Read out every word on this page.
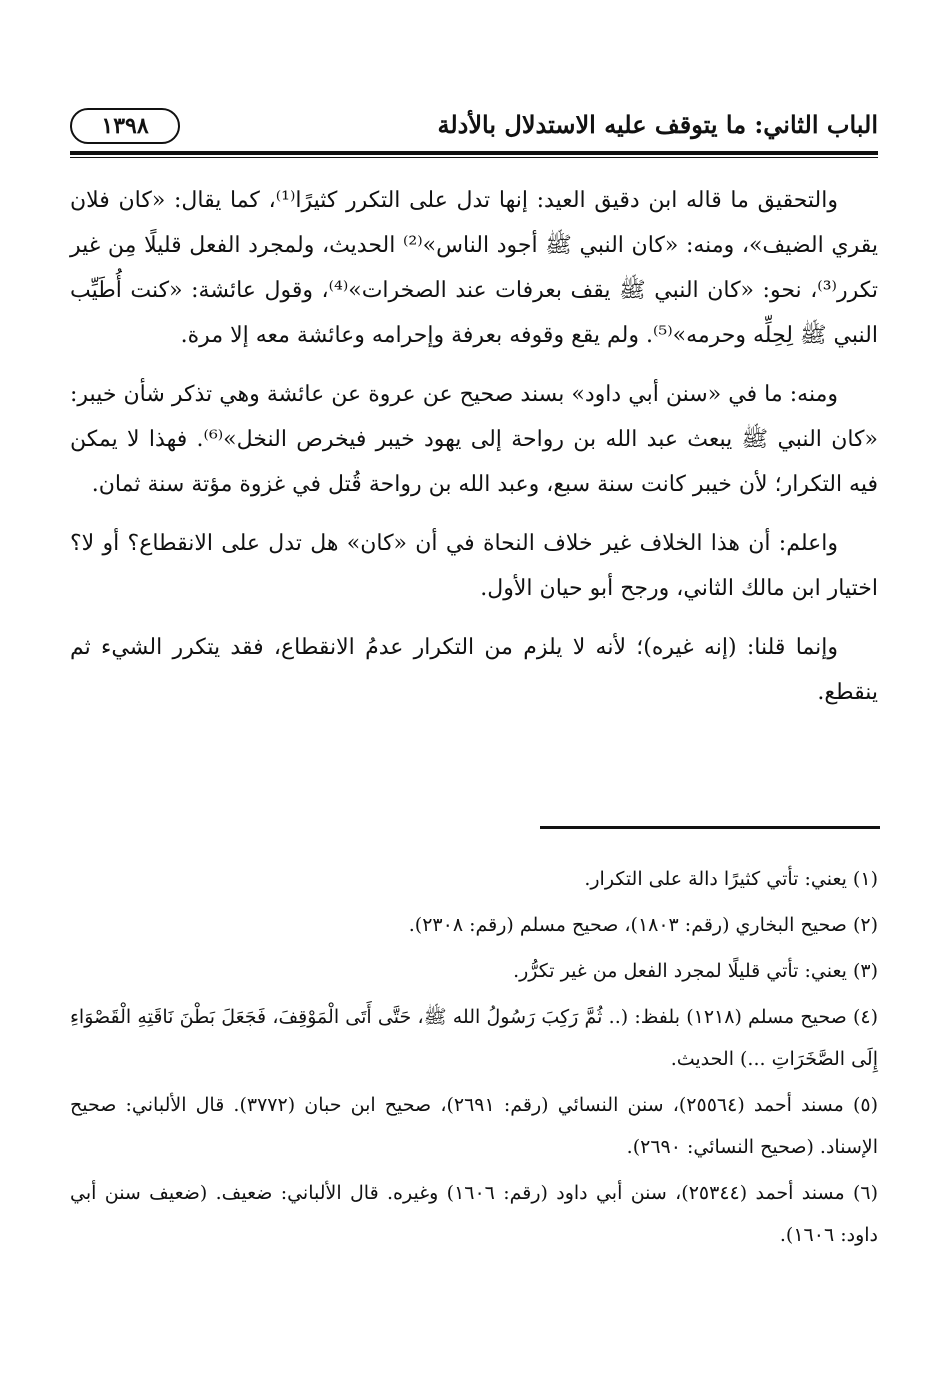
الباب الثاني: ما يتوقف عليه الاستدلال بالأدلة
١٣٩٨

والتحقيق ما قاله ابن دقيق العيد: إنها تدل على التكرر كثيرًا⁽¹⁾، كما يقال: «كان فلان يقري الضيف»، ومنه: «كان النبي ﷺ أجود الناس»⁽²⁾ الحديث، ولمجرد الفعل قليلًا مِن غير تكرر⁽³⁾، نحو: «كان النبي ﷺ يقف بعرفات عند الصخرات»⁽⁴⁾، وقول عائشة: «كنت أُطَيِّب النبي ﷺ لِحِلِّه وحرمه»⁽⁵⁾. ولم يقع وقوفه بعرفة وإحرامه وعائشة معه إلا مرة.

ومنه: ما في «سنن أبي داود» بسند صحيح عن عروة عن عائشة وهي تذكر شأن خيبر: «كان النبي ﷺ يبعث عبد الله بن رواحة إلى يهود خيبر فيخرص النخل»⁽⁶⁾. فهذا لا يمكن فيه التكرار؛ لأن خيبر كانت سنة سبع، وعبد الله بن رواحة قُتل في غزوة مؤتة سنة ثمان.

واعلم: أن هذا الخلاف غير خلاف النحاة في أن «كان» هل تدل على الانقطاع؟ أو لا؟ اختيار ابن مالك الثاني، ورجح أبو حيان الأول.

وإنما قلنا: (إنه غيره)؛ لأنه لا يلزم من التكرار عدمُ الانقطاع، فقد يتكرر الشيء ثم ينقطع.

(١) يعني: تأتي كثيرًا دالة على التكرار.

(٢) صحيح البخاري (رقم: ١٨٠٣)، صحيح مسلم (رقم: ٢٣٠٨).

(٣) يعني: تأتي قليلًا لمجرد الفعل من غير تكرُّر.

(٤) صحيح مسلم (١٢١٨) بلفظ: (.. ثُمَّ رَكِبَ رَسُولُ الله ﷺ، حَتَّى أَتَى الْمَوْقِفَ، فَجَعَلَ بَطْنَ نَاقَتِهِ الْقَصْوَاءِ إِلَى الصَّخَرَاتِ ...) الحديث.

(٥) مسند أحمد (٢٥٥٦٤)، سنن النسائي (رقم: ٢٦٩١)، صحيح ابن حبان (٣٧٧٢). قال الألباني: صحيح الإسناد. (صحيح النسائي: ٢٦٩٠).

(٦) مسند أحمد (٢٥٣٤٤)، سنن أبي داود (رقم: ١٦٠٦) وغيره. قال الألباني: ضعيف. (ضعيف سنن أبي داود: ١٦٠٦).
